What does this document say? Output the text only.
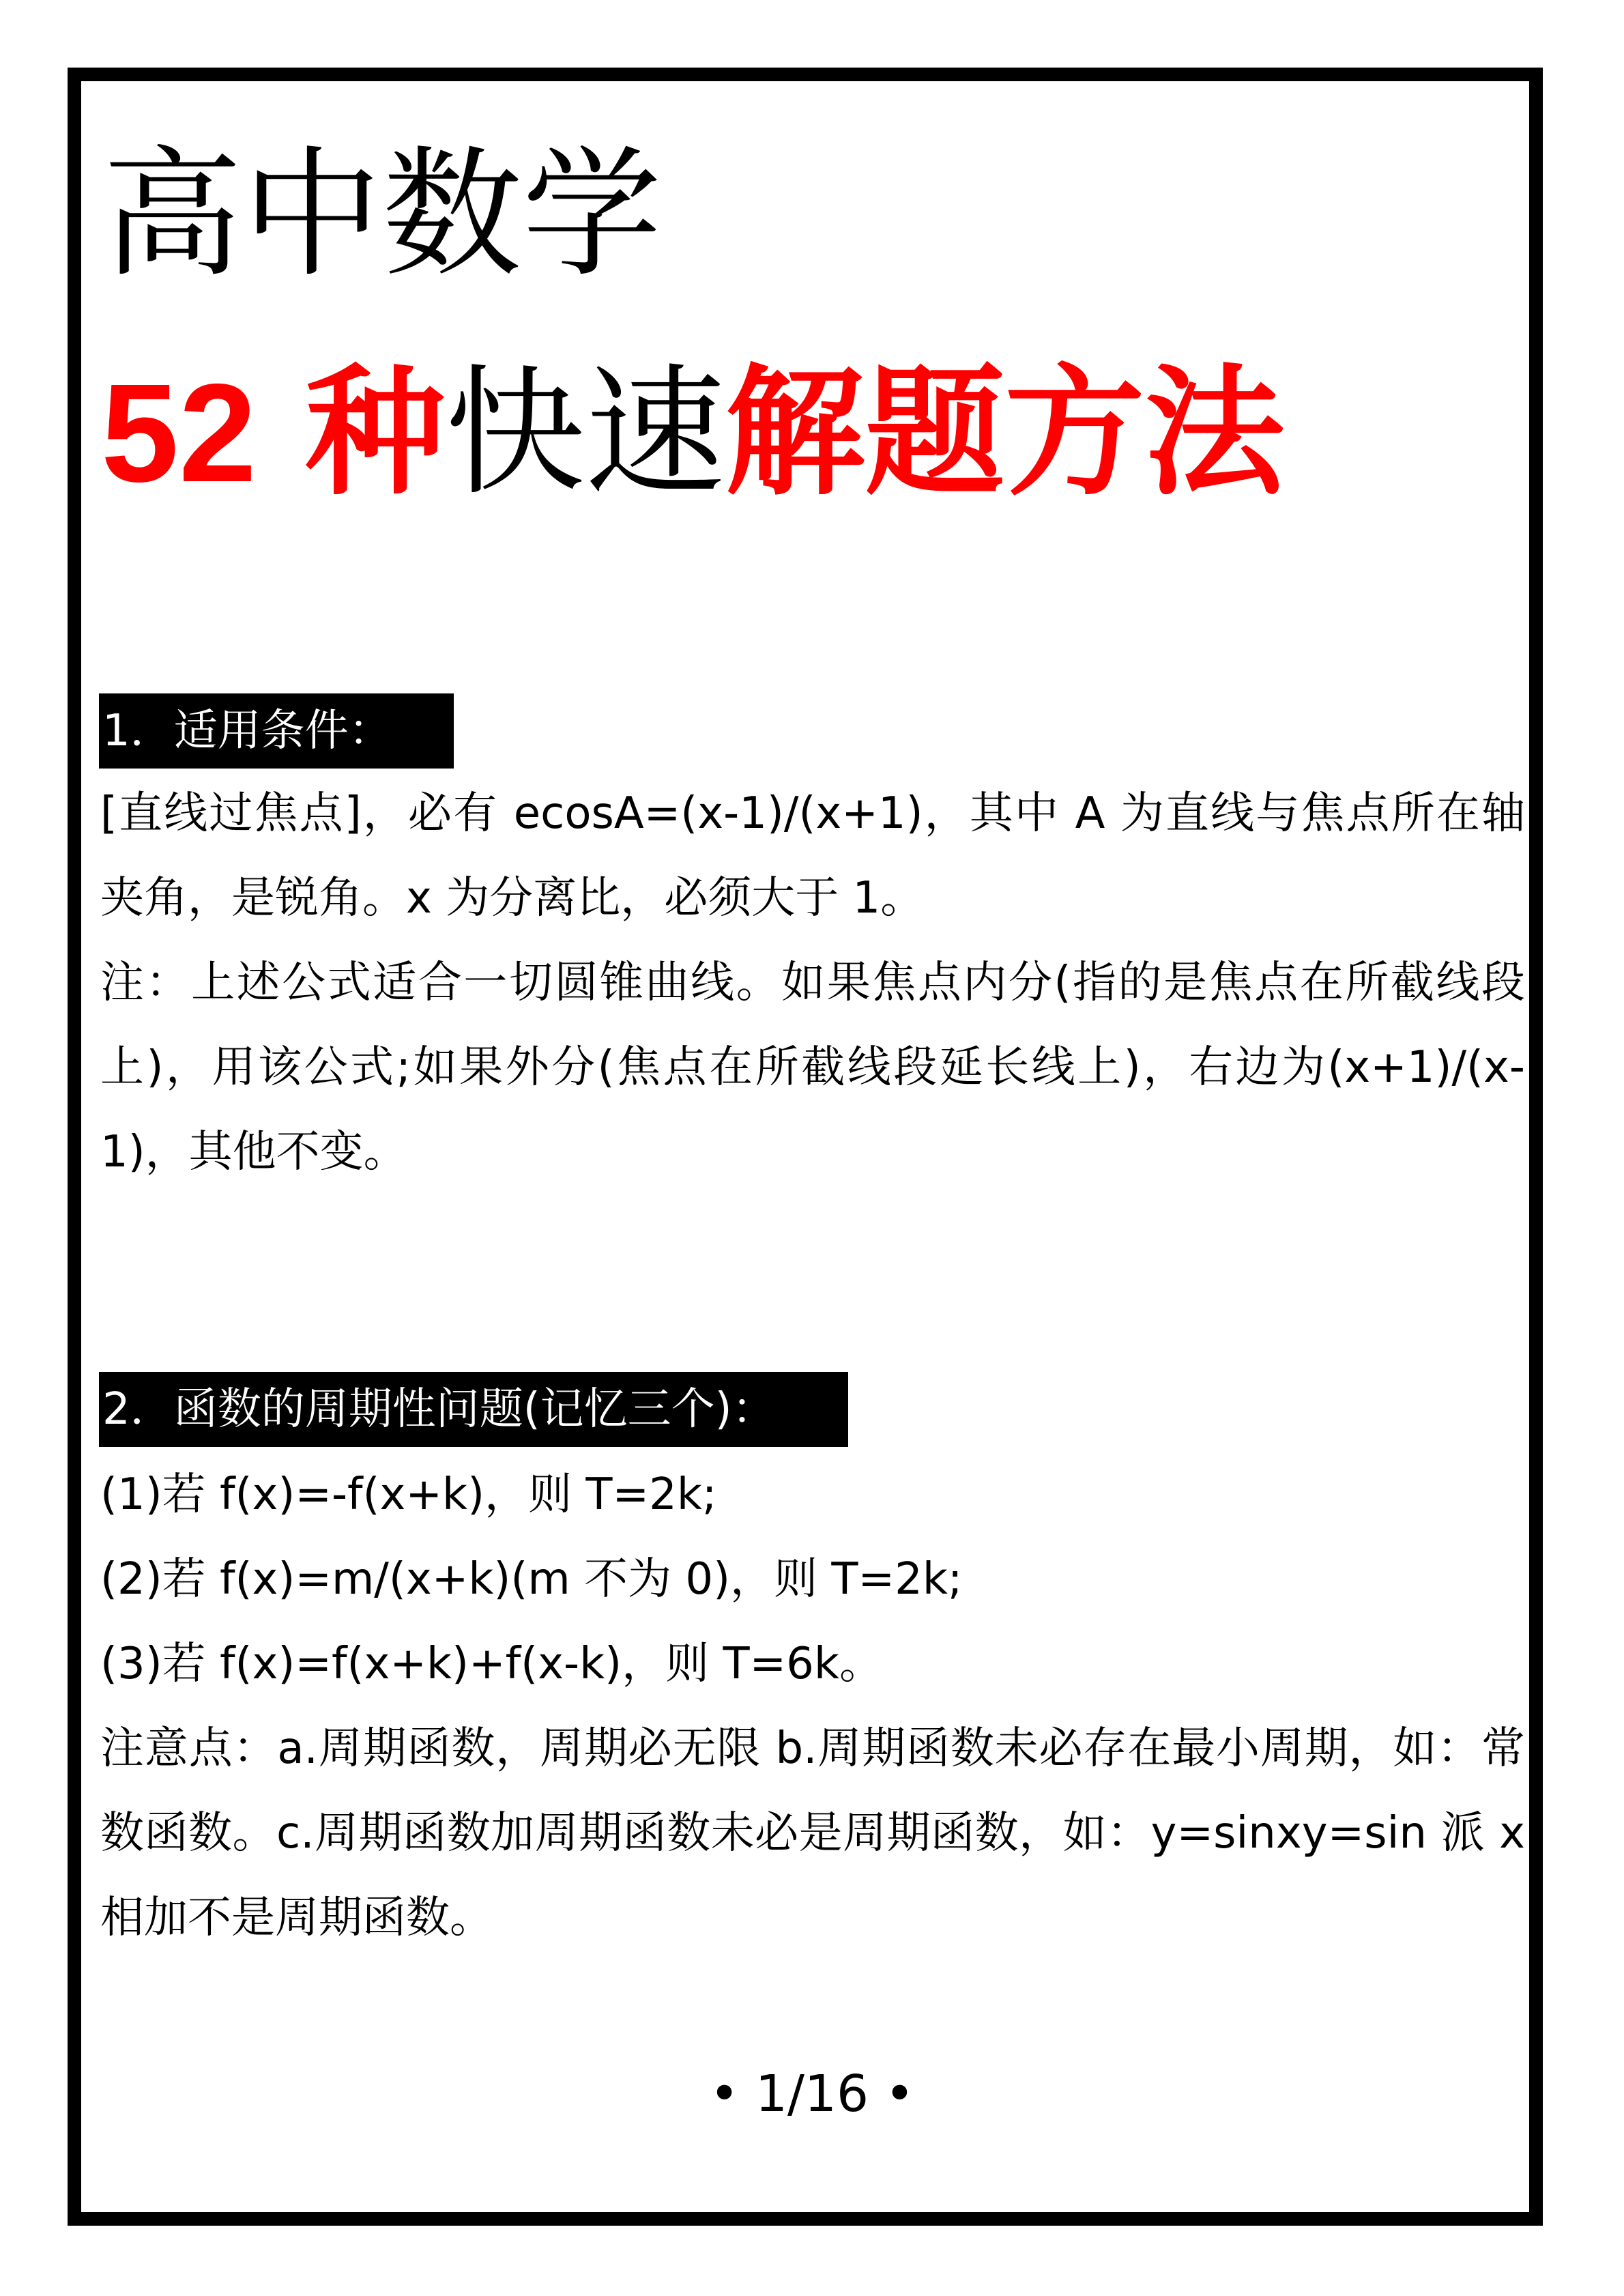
高中数学
52 种快速解题方法
1．适用条件：

[直线过焦点]，必有 ecosA=(x-1)/(x+1)，其中 A 为直线与焦点所在轴夹角，是锐角。x 为分离比，必须大于 1。

注：上述公式适合一切圆锥曲线。如果焦点内分(指的是焦点在所截线段上)，用该公式;如果外分(焦点在所截线段延长线上)，右边为(x+1)/(x-1)，其他不变。

2．函数的周期性问题(记忆三个)：

(1)若 f(x)=-f(x+k)，则 T=2k;

(2)若 f(x)=m/(x+k)(m 不为 0)，则 T=2k;

(3)若 f(x)=f(x+k)+f(x-k)，则 T=6k。

注意点：a.周期函数，周期必无限 b.周期函数未必存在最小周期，如：常数函数。c.周期函数加周期函数未必是周期函数，如：y=sinxy=sin 派 x 相加不是周期函数。

• 1/16 •
